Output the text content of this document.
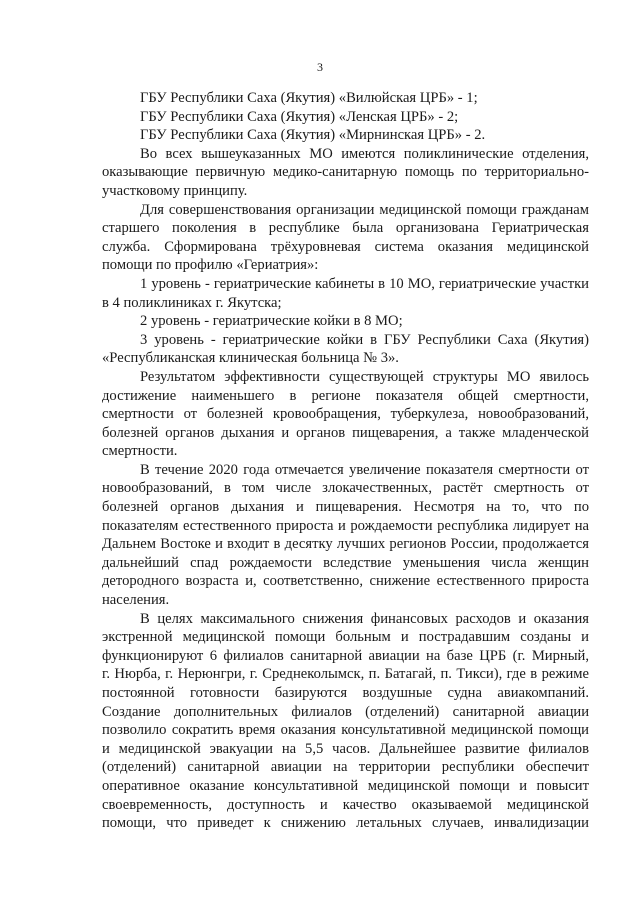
3
ГБУ Республики Саха (Якутия) «Вилюйская ЦРБ» - 1;
ГБУ Республики Саха (Якутия) «Ленская ЦРБ» - 2;
ГБУ Республики Саха (Якутия) «Мирнинская ЦРБ» - 2.
Во всех вышеуказанных МО имеются поликлинические отделения,
оказывающие первичную медико-санитарную помощь по территориально-
участковому принципу.
Для совершенствования организации медицинской помощи гражданам
старшего поколения в республике была организована Гериатрическая
служба. Сформирована трёхуровневая система оказания медицинской
помощи по профилю «Гериатрия»:
1 уровень - гериатрические кабинеты в 10 МО, гериатрические участки
в 4 поликлиниках г. Якутска;
2 уровень - гериатрические койки в 8 МО;
3 уровень - гериатрические койки в ГБУ Республики Саха (Якутия)
«Республиканская клиническая больница № 3».
Результатом эффективности существующей структуры МО явилось
достижение наименьшего в регионе показателя общей смертности,
смертности от болезней кровообращения, туберкулеза, новообразований,
болезней органов дыхания и органов пищеварения, а также младенческой
смертности.
В течение 2020 года отмечается увеличение показателя смертности от
новообразований, в том числе злокачественных, растёт смертность от
болезней органов дыхания и пищеварения. Несмотря на то, что по
показателям естественного прироста и рождаемости республика лидирует на
Дальнем Востоке и входит в десятку лучших регионов России, продолжается
дальнейший спад рождаемости вследствие уменьшения числа женщин
детородного возраста и, соответственно, снижение естественного прироста
населения.
В целях максимального снижения финансовых расходов и оказания
экстренной медицинской помощи больным и пострадавшим созданы и
функционируют 6 филиалов санитарной авиации на базе ЦРБ (г. Мирный,
г. Нюрба, г. Нерюнгри, г. Среднеколымск, п. Батагай, п. Тикси), где в режиме
постоянной готовности базируются воздушные судна авиакомпаний.
Создание дополнительных филиалов (отделений) санитарной авиации
позволило сократить время оказания консультативной медицинской помощи
и медицинской эвакуации на 5,5 часов. Дальнейшее развитие филиалов
(отделений) санитарной авиации на территории республики обеспечит
оперативное оказание консультативной медицинской помощи и повысит
своевременность, доступность и качество оказываемой медицинской
помощи, что приведет к снижению летальных случаев, инвалидизации
